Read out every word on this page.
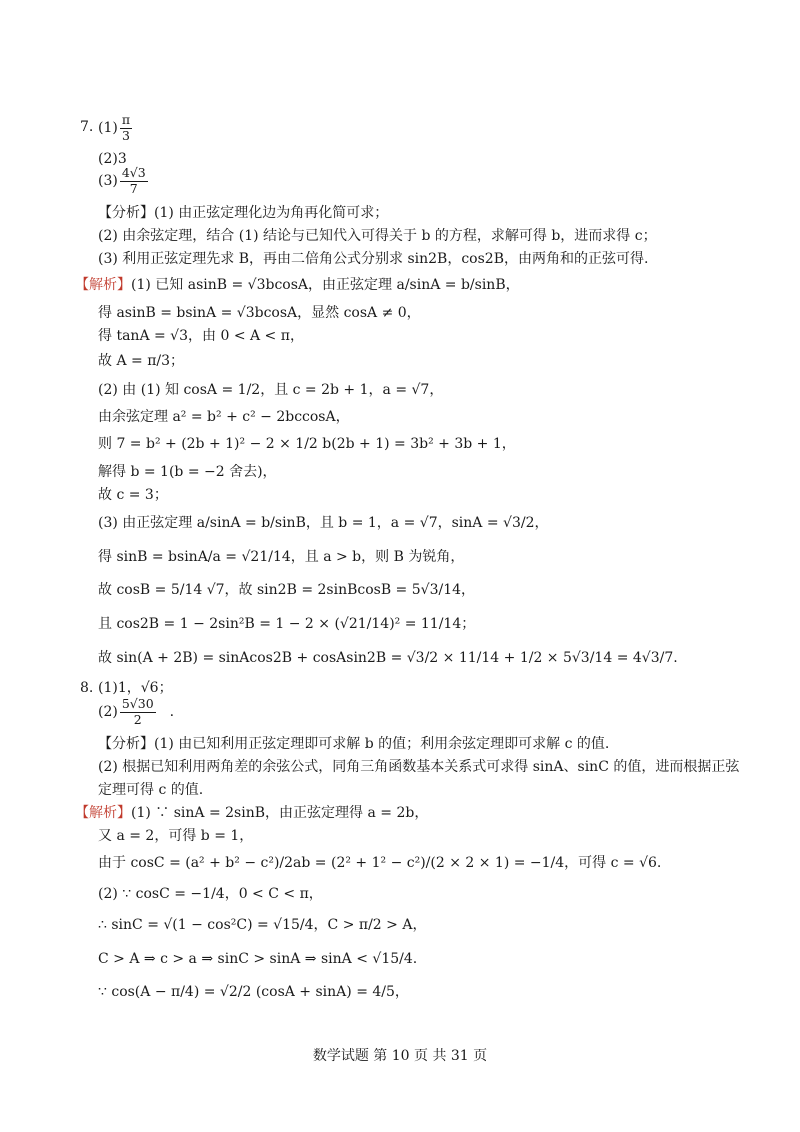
7. $(1) \frac{\pi}{3}$
(2)3
$(3) \frac{4√3}{7}$
【分析】(1) 由正弦定理化边为角再化简可求；
(2) 由余弦定理，结合 (1) 结论与已知代入可得关于 b 的方程，求解可得 b，进而求得 c；
(3) 利用正弦定理先求 B，再由二倍角公式分别求 sin2B，cos2B，由两角和的正弦可得.
【解析】(1) 已知 asinB = √3bcosA，由正弦定理 a/sinA = b/sinB，
得 asinB = bsinA = √3bcosA，显然 cosA ≠ 0，
得 tanA = √3，由 0 < A < π，
故 A = π/3；
(2) 由 (1) 知 cosA = 1/2，且 c = 2b + 1，a = √7，
由余弦定理 a² = b² + c² − 2bccosA，
则 7 = b² + (2b + 1)² − 2 × 1/2 b(2b + 1) = 3b² + 3b + 1，
解得 b = 1(b = −2 舍去)，
故 c = 3；
(3) 由正弦定理 a/sinA = b/sinB，且 b = 1，a = √7，sinA = √3/2，
得 sinB = bsinA/a = √21/14，且 a > b，则 B 为锐角，
故 cosB = 5/14 √7，故 sin2B = 2sinBcosB = 5√3/14，
且 cos2B = 1 − 2sin²B = 1 − 2 × (√21/14)² = 11/14；
故 sin(A + 2B) = sinAcos2B + cosAsin2B = √3/2 × 11/14 + 1/2 × 5√3/14 = 4√3/7.
8. (1)1，√6；
$(2) \frac{5√30}{2}$ .
【分析】(1) 由已知利用正弦定理即可求解 b 的值；利用余弦定理即可求解 c 的值.
(2) 根据已知利用两角差的余弦公式，同角三角函数基本关系式可求得 sinA、sinC 的值，进而根据正弦
定理可得 c 的值.
【解析】(1) ∵ sinA = 2sinB，由正弦定理得 a = 2b，
又 a = 2，可得 b = 1，
由于 cosC = (a² + b² − c²)/2ab = (2² + 1² − c²)/(2 × 2 × 1) = −1/4，可得 c = √6.
(2) ∵ cosC = −1/4，0 < C < π，
∴ sinC = √(1 − cos²C) = √15/4，C > π/2 > A，
C > A ⇒ c > a ⇒ sinC > sinA ⇒ sinA < √15/4.
∵ cos(A − π/4) = √2/2 (cosA + sinA) = 4/5，
数学试题 第 10 页 共 31 页
